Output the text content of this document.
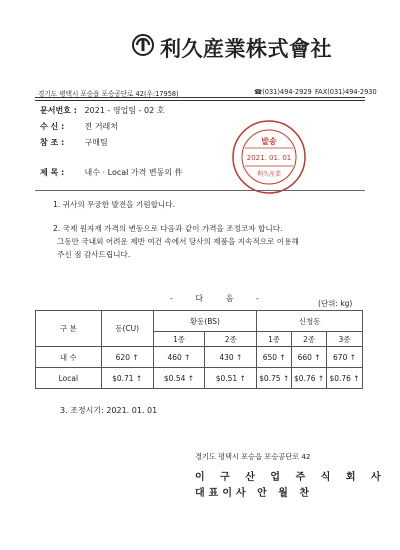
利久産業株式會社
경기도 평택시 포승읍 포승공단로 42(우:17958)	☎(031)494-2929 FAX(031)494-2930
문서번호 : 2021 - 영업팀 - 02 호
수 신 :	전 거래처
참 조 :	구매팀
제 목 :	내수 · Local 가격 변동의 件
발송
2021. 01. 01
利久産業
1. 귀사의 무궁한 발전을 기원합니다.
2. 국제 원자재 가격의 변동으로 다음과 같이 가격을 조정코자 합니다.
그동안 국내외 어려운 제반 여건 속에서 당사의 제품을 지속적으로 이용해
주신 점 감사드립니다.
- 다 음 -
(단위: kg)
구 분	동(CU)	황동(BS)		신청동		
		1종	2종	1종	2종	3종
내 수	620 ↑	460 ↑	430 ↑	650 ↑	660 ↑	670 ↑
Local	$0.71 ↑	$0.54 ↑	$0.51 ↑	$0.75 ↑	$0.76 ↑	$0.76 ↑
3. 조정시기: 2021. 01. 01
경기도 평택시 포승읍 포승공단로 42
이 구 산 업 주 식 회 사
대표이사 안 월 찬
